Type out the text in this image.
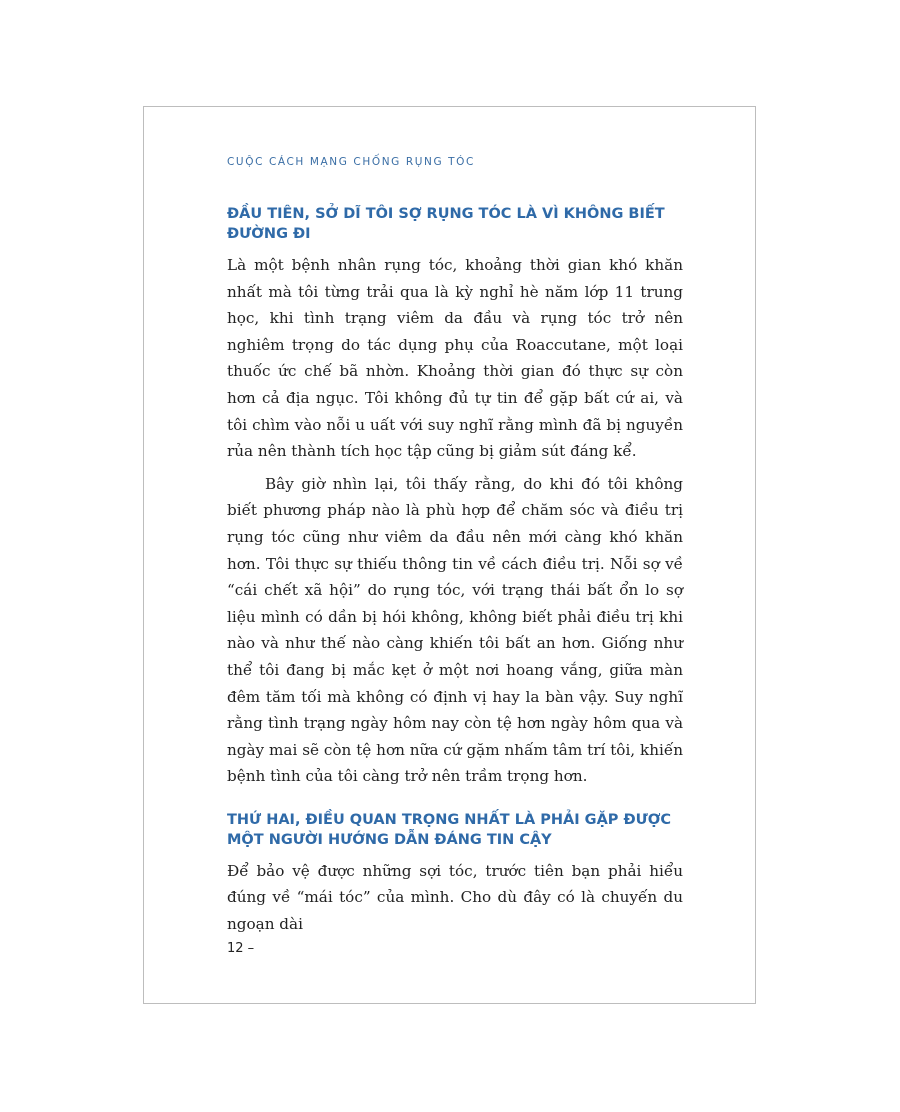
CUỘC CÁCH MẠNG CHỐNG RỤNG TÓC
ĐẦU TIÊN, SỞ DĨ TÔI SỢ RỤNG TÓC LÀ VÌ KHÔNG BIẾT ĐƯỜNG ĐI

Là một bệnh nhân rụng tóc, khoảng thời gian khó khăn nhất mà tôi từng trải qua là kỳ nghỉ hè năm lớp 11 trung học, khi tình trạng viêm da đầu và rụng tóc trở nên nghiêm trọng do tác dụng phụ của Roaccutane, một loại thuốc ức chế bã nhờn. Khoảng thời gian đó thực sự còn hơn cả địa ngục. Tôi không đủ tự tin để gặp bất cứ ai, và tôi chìm vào nỗi u uất với suy nghĩ rằng mình đã bị nguyền rủa nên thành tích học tập cũng bị giảm sút đáng kể.

Bây giờ nhìn lại, tôi thấy rằng, do khi đó tôi không biết phương pháp nào là phù hợp để chăm sóc và điều trị rụng tóc cũng như viêm da đầu nên mới càng khó khăn hơn. Tôi thực sự thiếu thông tin về cách điều trị. Nỗi sợ về “cái chết xã hội” do rụng tóc, với trạng thái bất ổn lo sợ liệu mình có dần bị hói không, không biết phải điều trị khi nào và như thế nào càng khiến tôi bất an hơn. Giống như thể tôi đang bị mắc kẹt ở một nơi hoang vắng, giữa màn đêm tăm tối mà không có định vị hay la bàn vậy. Suy nghĩ rằng tình trạng ngày hôm nay còn tệ hơn ngày hôm qua và ngày mai sẽ còn tệ hơn nữa cứ gặm nhấm tâm trí tôi, khiến bệnh tình của tôi càng trở nên trầm trọng hơn.

THỨ HAI, ĐIỀU QUAN TRỌNG NHẤT LÀ PHẢI GẶP ĐƯỢC MỘT NGƯỜI HƯỚNG DẪN ĐÁNG TIN CẬY

Để bảo vệ được những sợi tóc, trước tiên bạn phải hiểu đúng về “mái tóc” của mình. Cho dù đây có là chuyến du ngoạn dài

12 –
